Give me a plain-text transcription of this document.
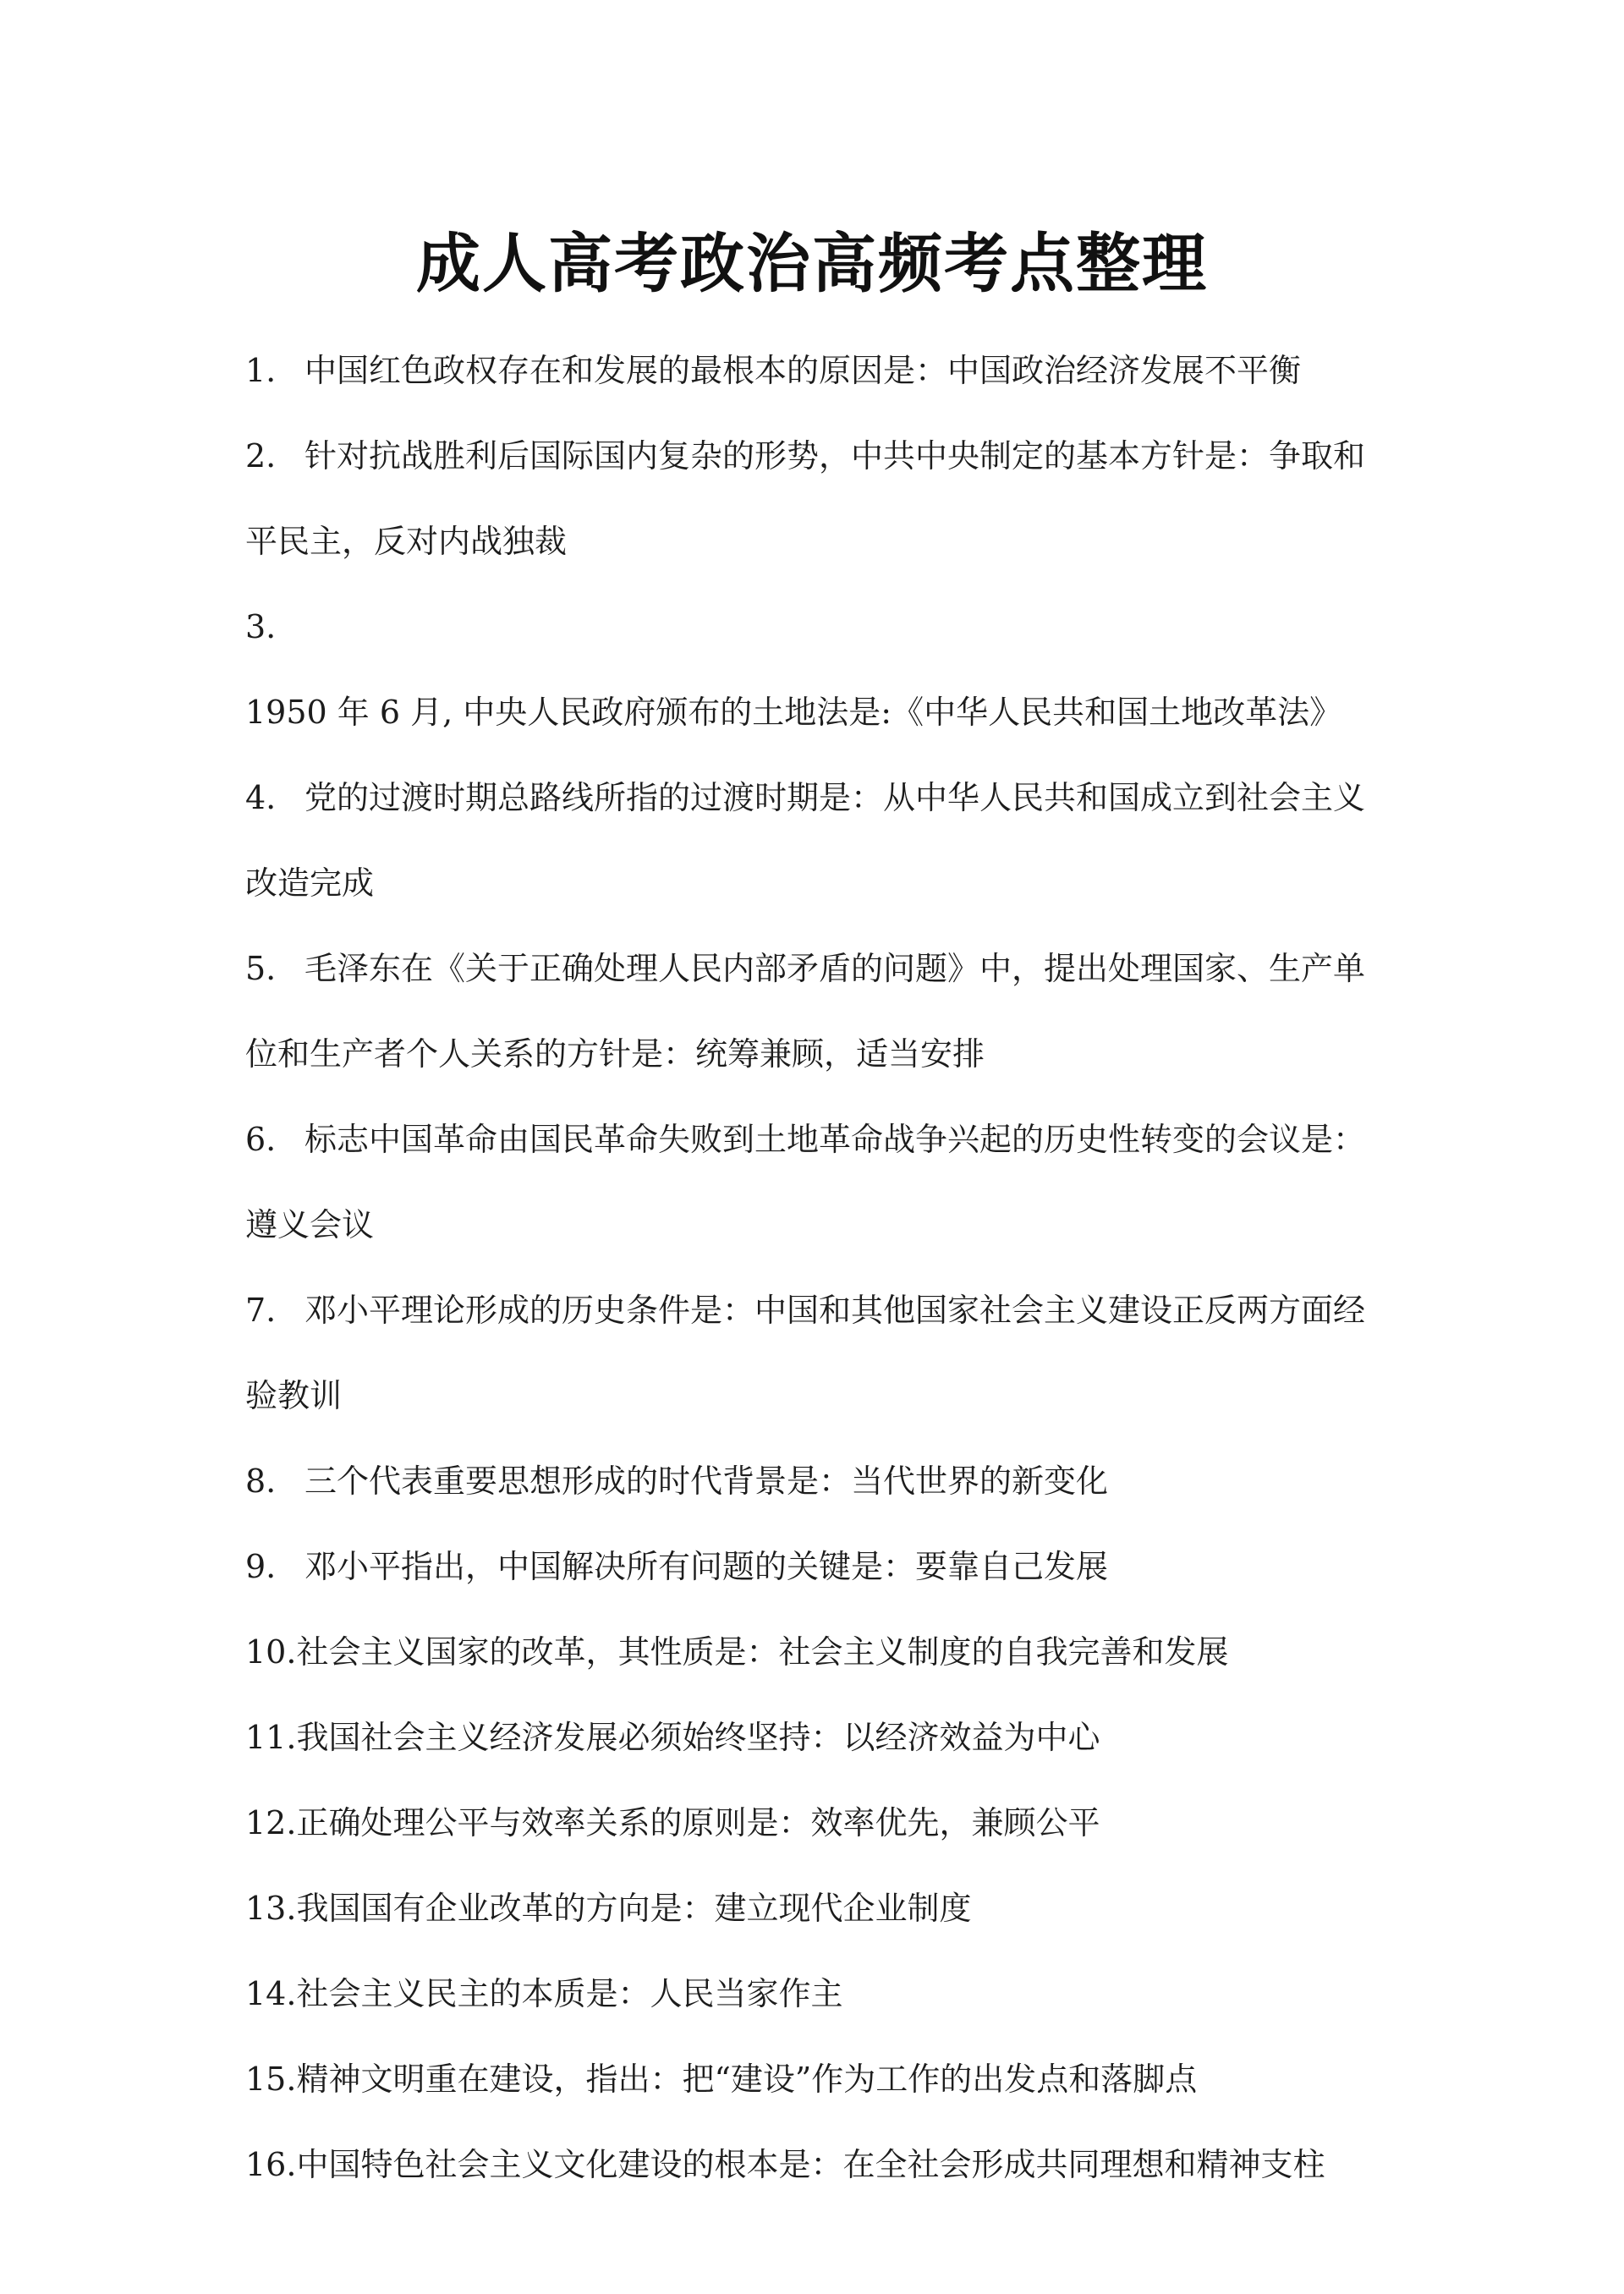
成人高考政治高频考点整理
1. 中国红色政权存在和发展的最根本的原因是：中国政治经济发展不平衡
2. 针对抗战胜利后国际国内复杂的形势，中共中央制定的基本方针是：争取和平民主，反对内战独裁
3.1950 年 6 月, 中央人民政府颁布的土地法是:《中华人民共和国土地改革法》
4. 党的过渡时期总路线所指的过渡时期是：从中华人民共和国成立到社会主义改造完成
5. 毛泽东在《关于正确处理人民内部矛盾的问题》中，提出处理国家、生产单位和生产者个人关系的方针是：统筹兼顾，适当安排
6. 标志中国革命由国民革命失败到土地革命战争兴起的历史性转变的会议是：遵义会议
7. 邓小平理论形成的历史条件是：中国和其他国家社会主义建设正反两方面经验教训
8. 三个代表重要思想形成的时代背景是：当代世界的新变化
9. 邓小平指出，中国解决所有问题的关键是：要靠自己发展
10.社会主义国家的改革，其性质是：社会主义制度的自我完善和发展
11.我国社会主义经济发展必须始终坚持：以经济效益为中心
12.正确处理公平与效率关系的原则是：效率优先，兼顾公平
13.我国国有企业改革的方向是：建立现代企业制度
14.社会主义民主的本质是：人民当家作主
15.精神文明重在建设，指出：把“建设”作为工作的出发点和落脚点
16.中国特色社会主义文化建设的根本是：在全社会形成共同理想和精神支柱
